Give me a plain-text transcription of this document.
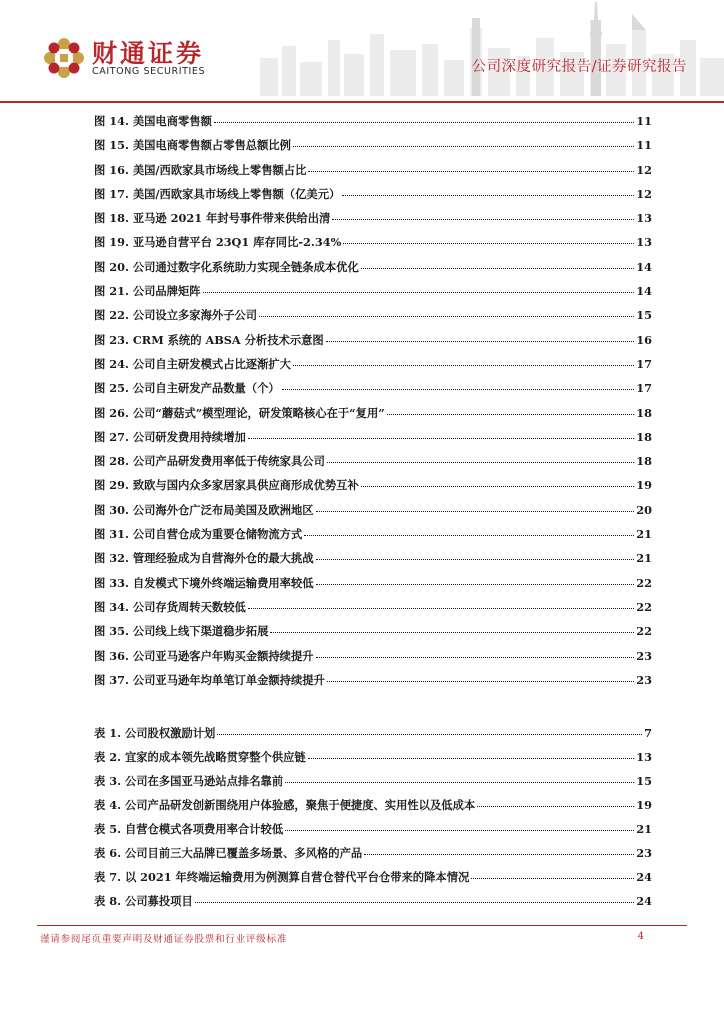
财通证券
CAITONG SECURITIES	公司深度研究报告/证券研究报告
图 14. 美国电商零售额	11
图 15. 美国电商零售额占零售总额比例	11
图 16. 美国/西欧家具市场线上零售额占比	12
图 17. 美国/西欧家具市场线上零售额（亿美元）	12
图 18. 亚马逊 2021 年封号事件带来供给出清	13
图 19. 亚马逊自营平台 23Q1 库存同比-2.34%	13
图 20. 公司通过数字化系统助力实现全链条成本优化	14
图 21. 公司品牌矩阵	14
图 22. 公司设立多家海外子公司	15
图 23. CRM 系统的 ABSA 分析技术示意图	16
图 24. 公司自主研发模式占比逐渐扩大	17
图 25. 公司自主研发产品数量（个）	17
图 26. 公司“蘑菇式”模型理论，研发策略核心在于“复用”	18
图 27. 公司研发费用持续增加	18
图 28. 公司产品研发费用率低于传统家具公司	18
图 29. 致欧与国内众多家居家具供应商形成优势互补	19
图 30. 公司海外仓广泛布局美国及欧洲地区	20
图 31. 公司自营仓成为重要仓储物流方式	21
图 32. 管理经验成为自营海外仓的最大挑战	21
图 33. 自发模式下境外终端运输费用率较低	22
图 34. 公司存货周转天数较低	22
图 35. 公司线上线下渠道稳步拓展	22
图 36. 公司亚马逊客户年购买金额持续提升	23
图 37. 公司亚马逊年均单笔订单金额持续提升	23
表 1. 公司股权激励计划	7
表 2. 宜家的成本领先战略贯穿整个供应链	13
表 3. 公司在多国亚马逊站点排名靠前	15
表 4. 公司产品研发创新围绕用户体验感，聚焦于便捷度、实用性以及低成本	19
表 5. 自营仓模式各项费用率合计较低	21
表 6. 公司目前三大品牌已覆盖多场景、多风格的产品	23
表 7. 以 2021 年终端运输费用为例测算自营仓替代平台仓带来的降本情况	24
表 8. 公司募投项目	24
谨请参阅尾页重要声明及财通证券股票和行业评级标准	4
